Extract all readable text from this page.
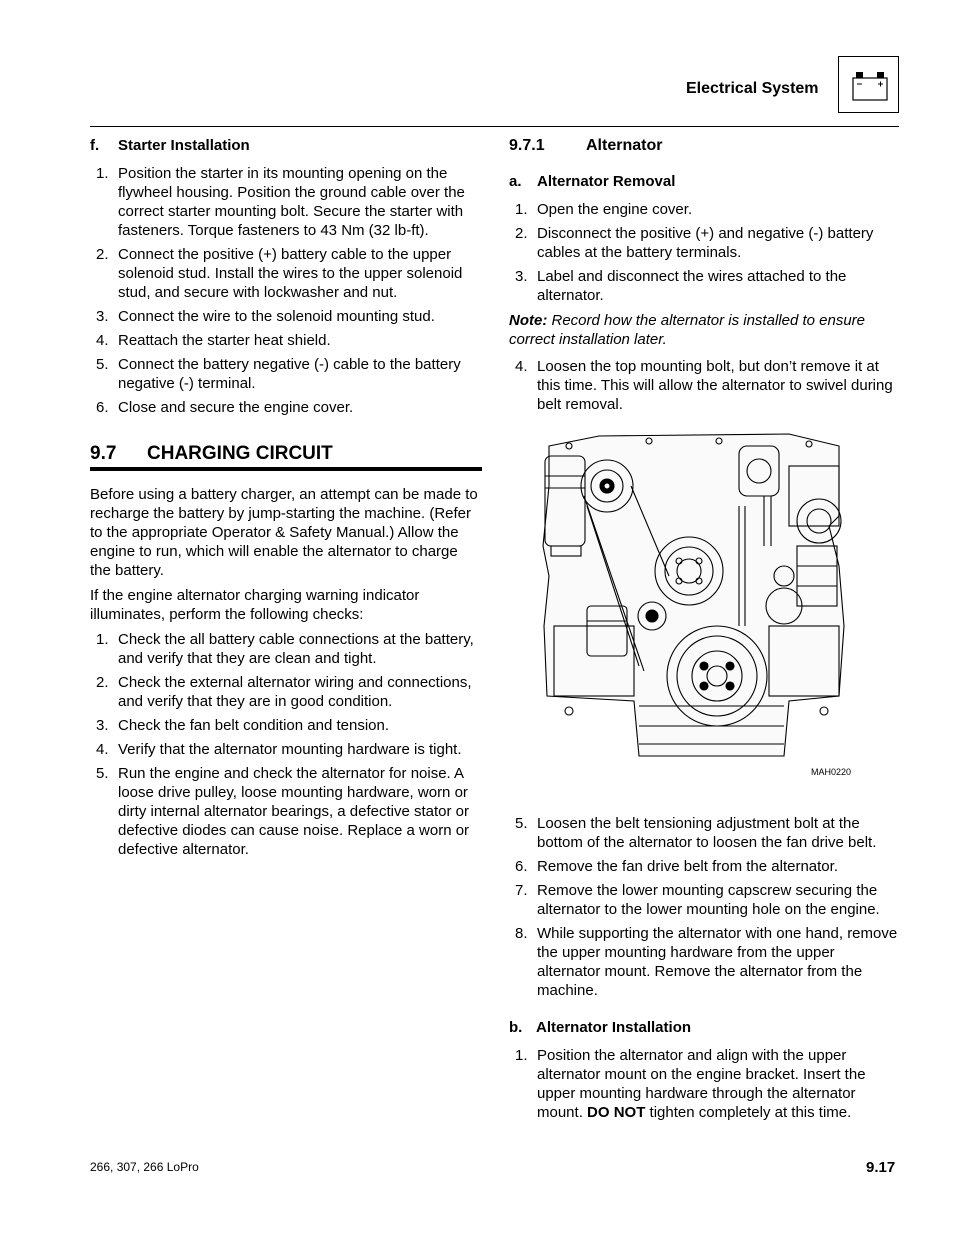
Electrical System
f. Starter Installation
1. Position the starter in its mounting opening on the flywheel housing. Position the ground cable over the correct starter mounting bolt. Secure the starter with fasteners. Torque fasteners to 43 Nm (32 lb-ft).
2. Connect the positive (+) battery cable to the upper solenoid stud. Install the wires to the upper solenoid stud, and secure with lockwasher and nut.
3. Connect the wire to the solenoid mounting stud.
4. Reattach the starter heat shield.
5. Connect the battery negative (-) cable to the battery negative (-) terminal.
6. Close and secure the engine cover.
9.7 CHARGING CIRCUIT

Before using a battery charger, an attempt can be made to recharge the battery by jump-starting the machine. (Refer to the appropriate Operator & Safety Manual.) Allow the engine to run, which will enable the alternator to charge the battery.

If the engine alternator charging warning indicator illuminates, perform the following checks:

1. Check the all battery cable connections at the battery, and verify that they are clean and tight.
2. Check the external alternator wiring and connections, and verify that they are in good condition.
3. Check the fan belt condition and tension.
4. Verify that the alternator mounting hardware is tight.
5. Run the engine and check the alternator for noise. A loose drive pulley, loose mounting hardware, worn or dirty internal alternator bearings, a defective stator or defective diodes can cause noise. Replace a worn or defective alternator.
9.7.1	Alternator
a. Alternator Removal
1. Open the engine cover.
2. Disconnect the positive (+) and negative (-) battery cables at the battery terminals.
3. Label and disconnect the wires attached to the alternator.

Note: Record how the alternator is installed to ensure correct installation later.

4. Loosen the top mounting bolt, but don’t remove it at this time. This will allow the alternator to swivel during belt removal.
MAH0220
5. Loosen the belt tensioning adjustment bolt at the bottom of the alternator to loosen the fan drive belt.
6. Remove the fan drive belt from the alternator.
7. Remove the lower mounting capscrew securing the alternator to the lower mounting hole on the engine.
8. While supporting the alternator with one hand, remove the upper mounting hardware from the upper alternator mount. Remove the alternator from the machine.
b. Alternator Installation
1. Position the alternator and align with the upper alternator mount on the engine bracket. Insert the upper mounting hardware through the alternator mount. DO NOT tighten completely at this time.
266, 307, 266 LoPro	9.17
